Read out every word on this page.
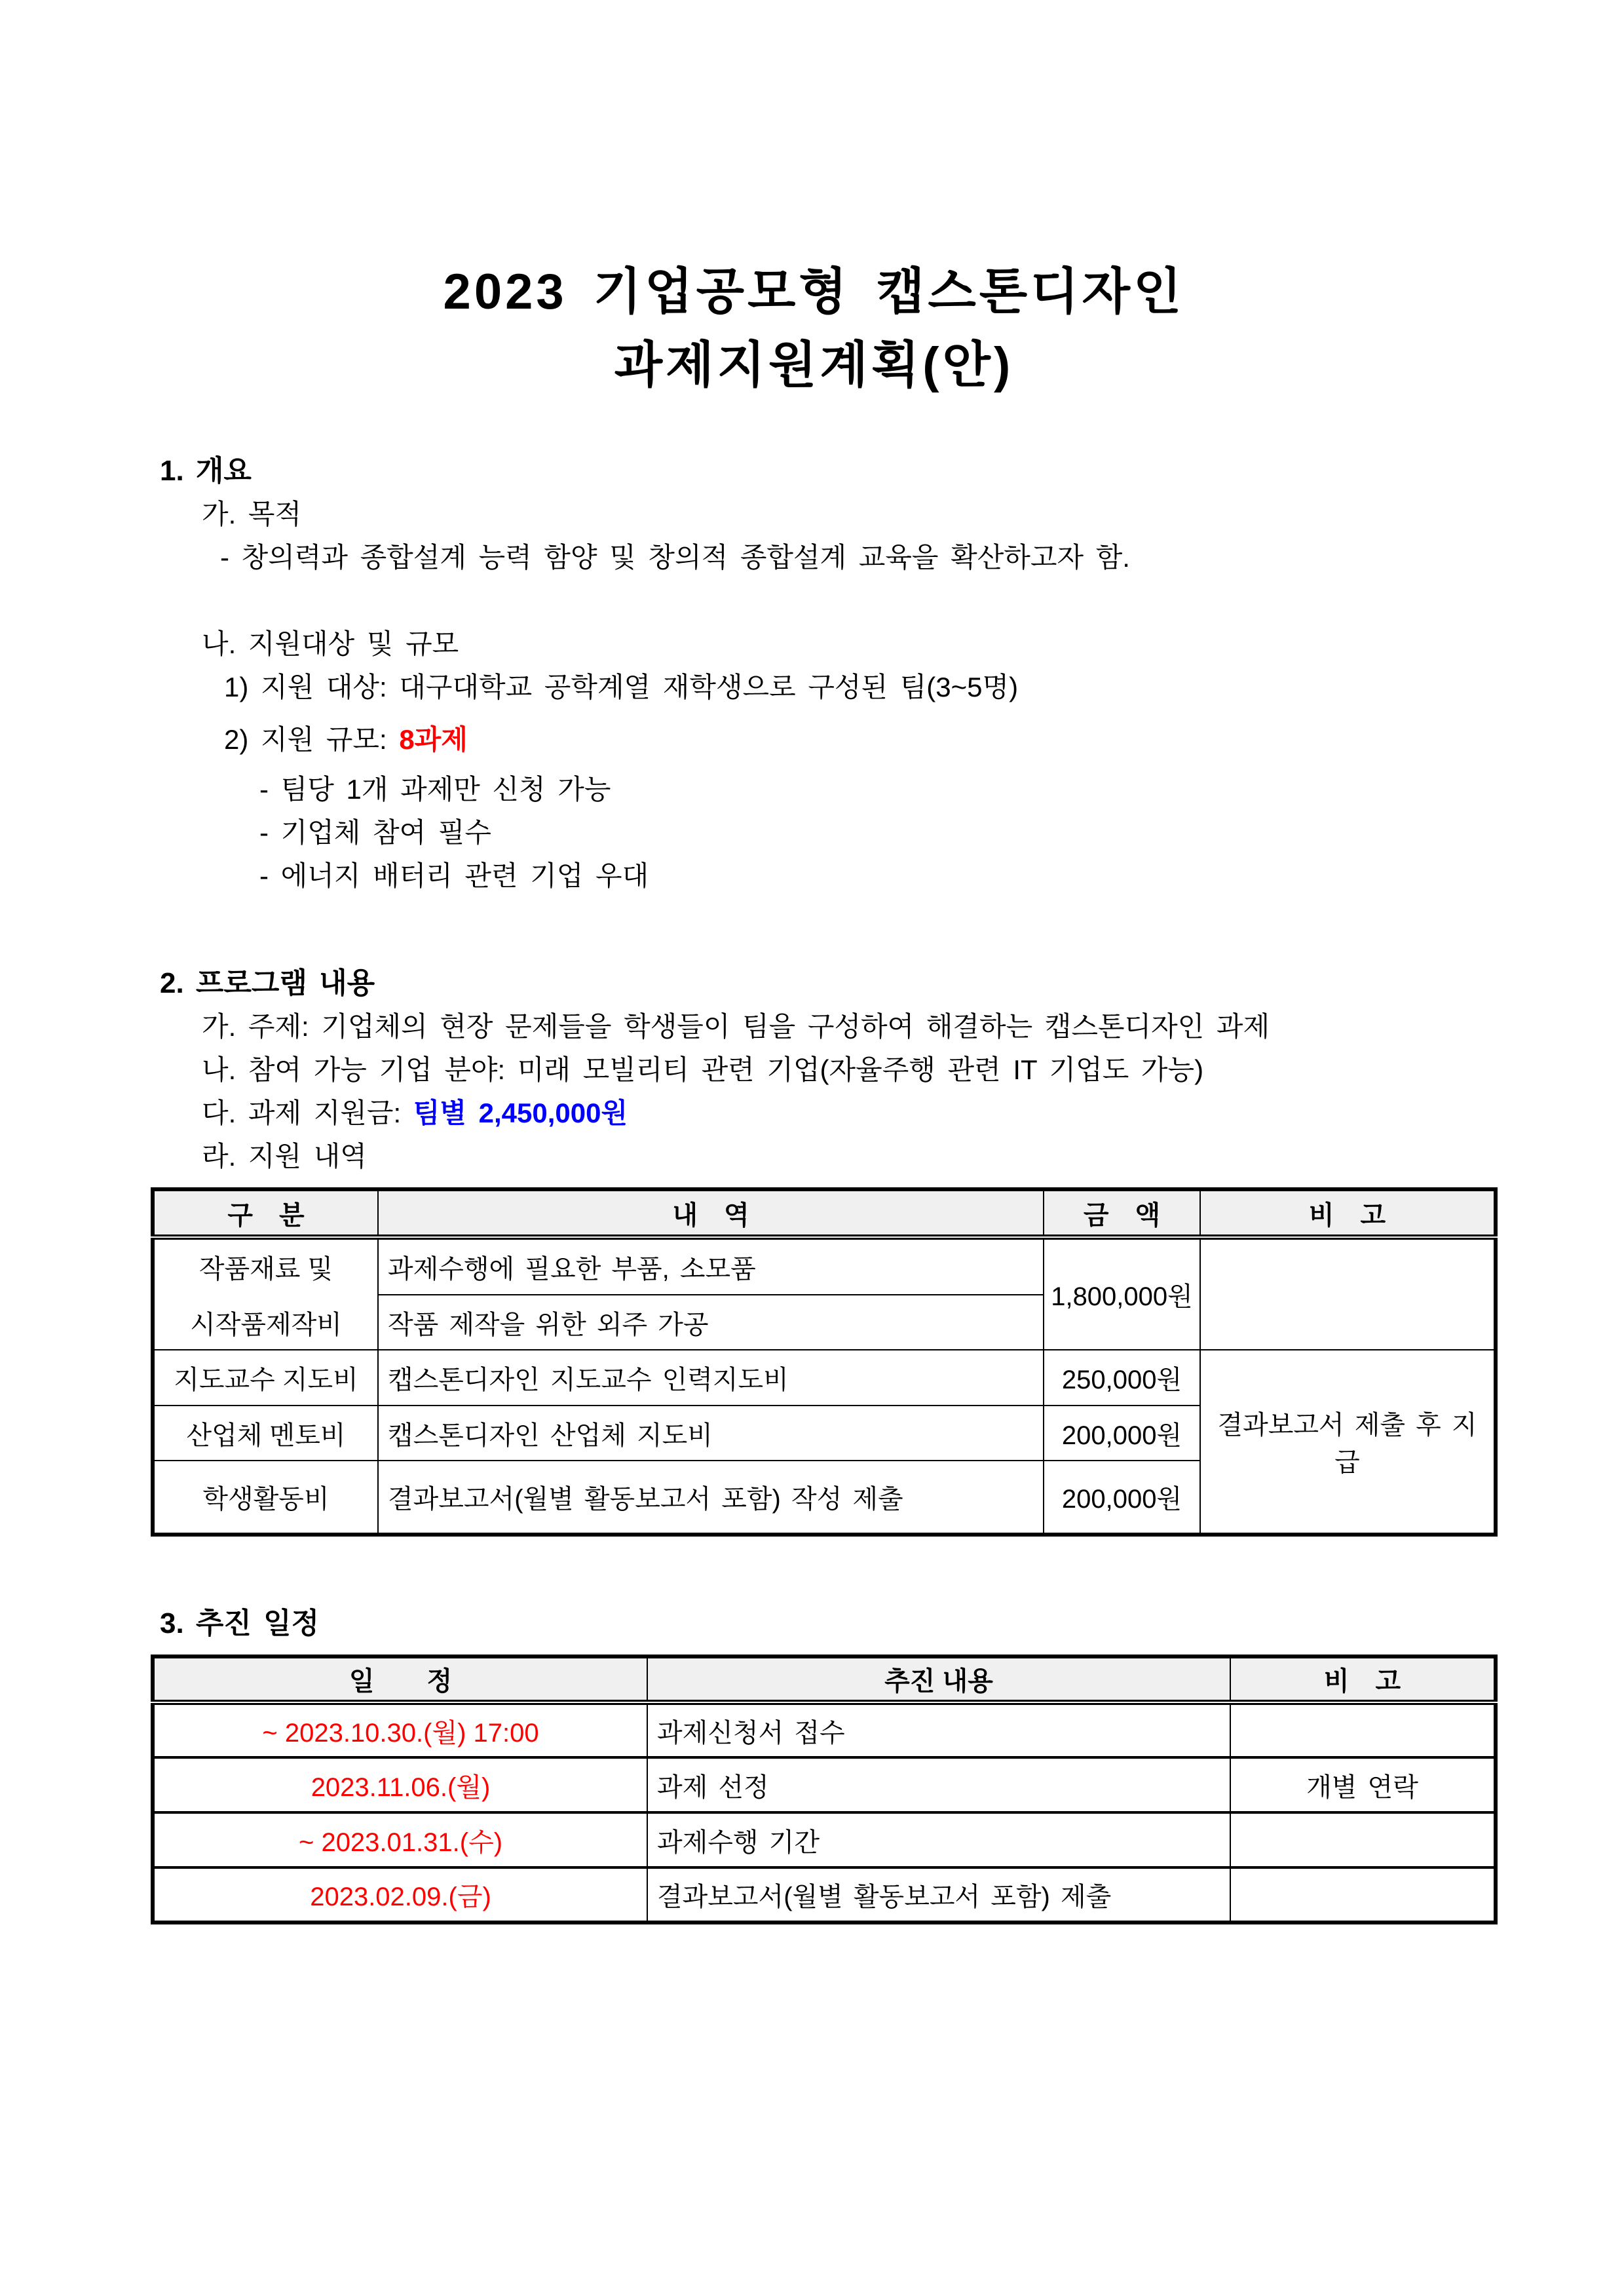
2023 기업공모형 캡스톤디자인
과제지원계획(안)
1. 개요
가. 목적
- 창의력과 종합설계 능력 함양 및 창의적 종합설계 교육을 확산하고자 함.
나. 지원대상 및 규모
1) 지원 대상: 대구대학교 공학계열 재학생으로 구성된 팀(3~5명)
2) 지원 규모: 8과제
- 팀당 1개 과제만 신청 가능
- 기업체 참여 필수
- 에너지 배터리 관련 기업 우대
2. 프로그램 내용
가. 주제: 기업체의 현장 문제들을 학생들이 팀을 구성하여 해결하는 캡스톤디자인 과제
나. 참여 가능 기업 분야: 미래 모빌리티 관련 기업(자율주행 관련 IT 기업도 가능)
다. 과제 지원금: 팀별 2,450,000원
라. 지원 내역
구　분	내　역	금　액	비　고

작품재료 및
시작품제작비	과제수행에 필요한 부품, 소모품	1,800,000원	
	작품 제작을 위한 외주 가공		
지도교수 지도비	캡스톤디자인 지도교수 인력지도비	250,000원	결과보고서 제출 후 지급
산업체 멘토비	캡스톤디자인 산업체 지도비	200,000원	
학생활동비	결과보고서(월별 활동보고서 포함) 작성 제출	200,000원	
3. 추진 일정
일　　정	추진 내용	비　고
~ 2023.10.30.(월) 17:00	과제신청서 접수	
2023.11.06.(월)	과제 선정	개별 연락
~ 2023.01.31.(수)	과제수행 기간	
2023.02.09.(금)	결과보고서(월별 활동보고서 포함) 제출	
